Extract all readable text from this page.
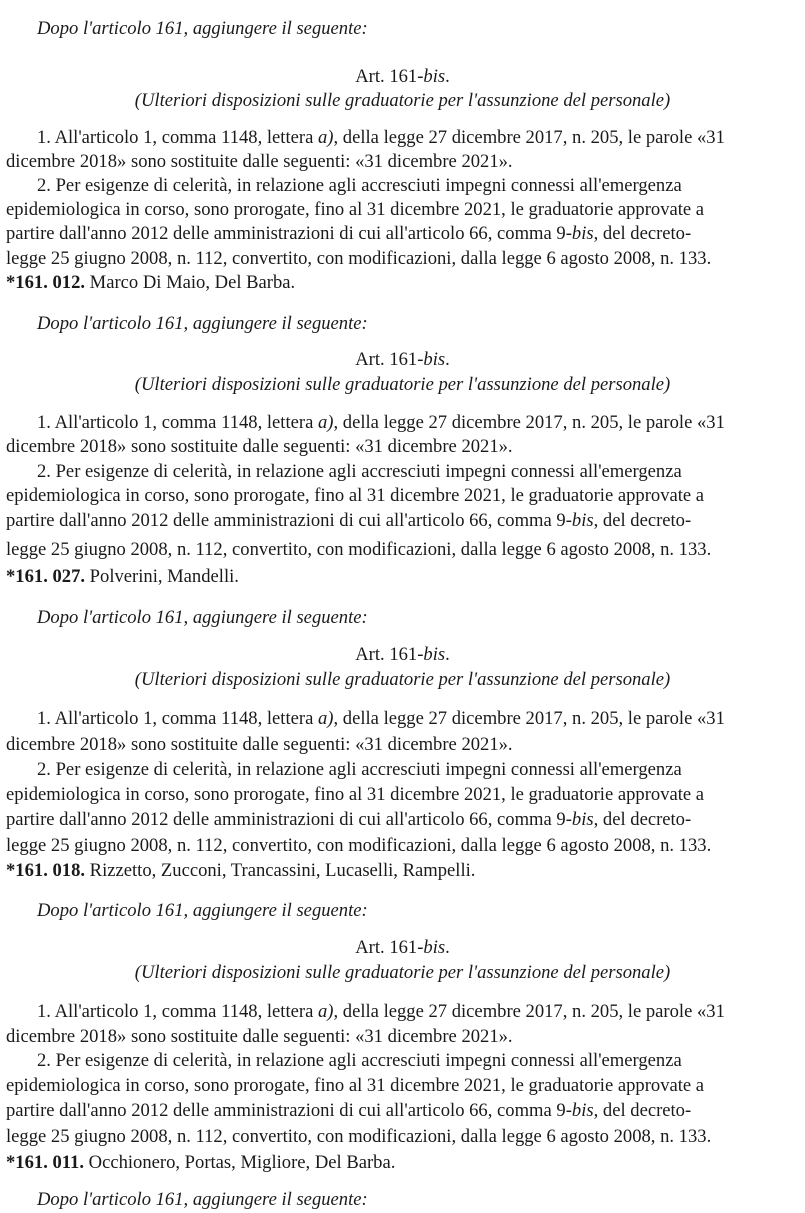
Dopo l'articolo 161, aggiungere il seguente:
Art. 161-bis.
(Ulteriori disposizioni sulle graduatorie per l'assunzione del personale)
1. All'articolo 1, comma 1148, lettera a), della legge 27 dicembre 2017, n. 205, le parole «31
dicembre 2018» sono sostituite dalle seguenti: «31 dicembre 2021».
2. Per esigenze di celerità, in relazione agli accresciuti impegni connessi all'emergenza
epidemiologica in corso, sono prorogate, fino al 31 dicembre 2021, le graduatorie approvate a
partire dall'anno 2012 delle amministrazioni di cui all'articolo 66, comma 9-bis, del decreto-
legge 25 giugno 2008, n. 112, convertito, con modificazioni, dalla legge 6 agosto 2008, n. 133.
*161. 012. Marco Di Maio, Del Barba.
Dopo l'articolo 161, aggiungere il seguente:
Art. 161-bis.
(Ulteriori disposizioni sulle graduatorie per l'assunzione del personale)
1. All'articolo 1, comma 1148, lettera a), della legge 27 dicembre 2017, n. 205, le parole «31
dicembre 2018» sono sostituite dalle seguenti: «31 dicembre 2021».
2. Per esigenze di celerità, in relazione agli accresciuti impegni connessi all'emergenza
epidemiologica in corso, sono prorogate, fino al 31 dicembre 2021, le graduatorie approvate a
partire dall'anno 2012 delle amministrazioni di cui all'articolo 66, comma 9-bis, del decreto-
legge 25 giugno 2008, n. 112, convertito, con modificazioni, dalla legge 6 agosto 2008, n. 133.
*161. 027. Polverini, Mandelli.
Dopo l'articolo 161, aggiungere il seguente:
Art. 161-bis.
(Ulteriori disposizioni sulle graduatorie per l'assunzione del personale)
1. All'articolo 1, comma 1148, lettera a), della legge 27 dicembre 2017, n. 205, le parole «31
dicembre 2018» sono sostituite dalle seguenti: «31 dicembre 2021».
2. Per esigenze di celerità, in relazione agli accresciuti impegni connessi all'emergenza
epidemiologica in corso, sono prorogate, fino al 31 dicembre 2021, le graduatorie approvate a
partire dall'anno 2012 delle amministrazioni di cui all'articolo 66, comma 9-bis, del decreto-
legge 25 giugno 2008, n. 112, convertito, con modificazioni, dalla legge 6 agosto 2008, n. 133.
*161. 018. Rizzetto, Zucconi, Trancassini, Lucaselli, Rampelli.
Dopo l'articolo 161, aggiungere il seguente:
Art. 161-bis.
(Ulteriori disposizioni sulle graduatorie per l'assunzione del personale)
1. All'articolo 1, comma 1148, lettera a), della legge 27 dicembre 2017, n. 205, le parole «31
dicembre 2018» sono sostituite dalle seguenti: «31 dicembre 2021».
2. Per esigenze di celerità, in relazione agli accresciuti impegni connessi all'emergenza
epidemiologica in corso, sono prorogate, fino al 31 dicembre 2021, le graduatorie approvate a
partire dall'anno 2012 delle amministrazioni di cui all'articolo 66, comma 9-bis, del decreto-
legge 25 giugno 2008, n. 112, convertito, con modificazioni, dalla legge 6 agosto 2008, n. 133.
*161. 011. Occhionero, Portas, Migliore, Del Barba.
Dopo l'articolo 161, aggiungere il seguente:
